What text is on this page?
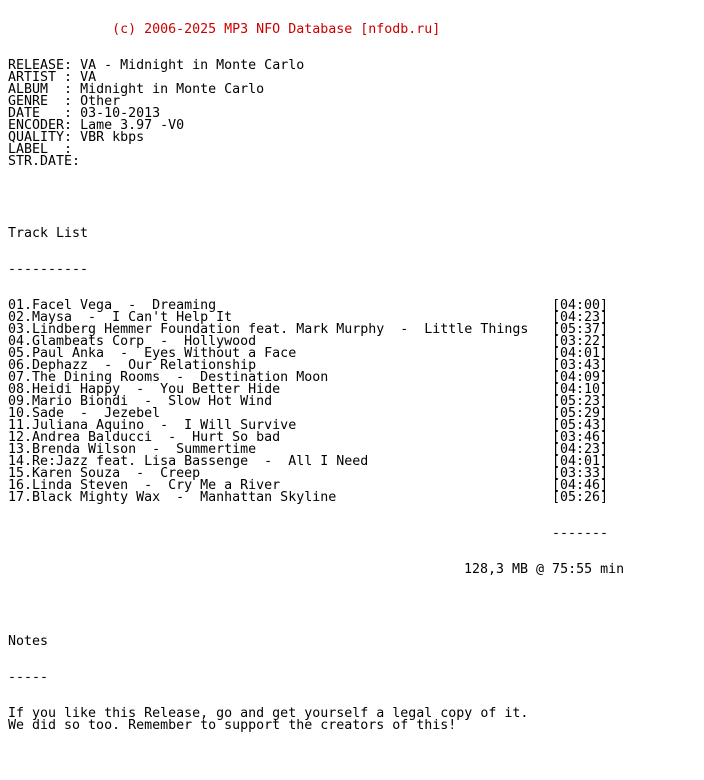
(c) 2006-2025 MP3 NFO Database [nfodb.ru]

RELEASE: VA - Midnight in Monte Carlo
ARTIST : VA
ALBUM  : Midnight in Monte Carlo
GENRE  : Other
DATE   : 03-10-2013
ENCODER: Lame 3.97 -V0
QUALITY: VBR kbps
LABEL  :
STR.DATE:

Track List

----------

01.Facel Vega  -  Dreaming	[04:00]
02.Maysa  -  I Can't Help It	[04:23]
03.Lindberg Hemmer Foundation feat. Mark Murphy  -  Little Things [05:37]
04.Glambeats Corp  -  Hollywood	[03:22]
05.Paul Anka  -  Eyes Without a Face	[04:01]
06.Dephazz  -  Our Relationship	[03:43]
07.The Dining Rooms  -  Destination Moon	[04:09]
08.Heidi Happy  -  You Better Hide	[04:10]
09.Mario Biondi  -  Slow Hot Wind	[05:23]
10.Sade  -  Jezebel	[05:29]
11.Juliana Aquino  -  I Will Survive	[05:43]
12.Andrea Balducci  -  Hurt So bad	[03:46]
13.Brenda Wilson  -  Summertime	[04:23]
14.Re:Jazz feat. Lisa Bassenge  -  All I Need	[04:01]
15.Karen Souza  -  Creep	[03:33]
16.Linda Steven  -  Cry Me a River	[04:46]
17.Black Mighty Wax  -  Manhattan Skyline	[05:26]

-------

128,3 MB @ 75:55 min

Notes

-----

If you like this Release, go and get yourself a legal copy of it.
We did so too. Remember to support the creators of this!
